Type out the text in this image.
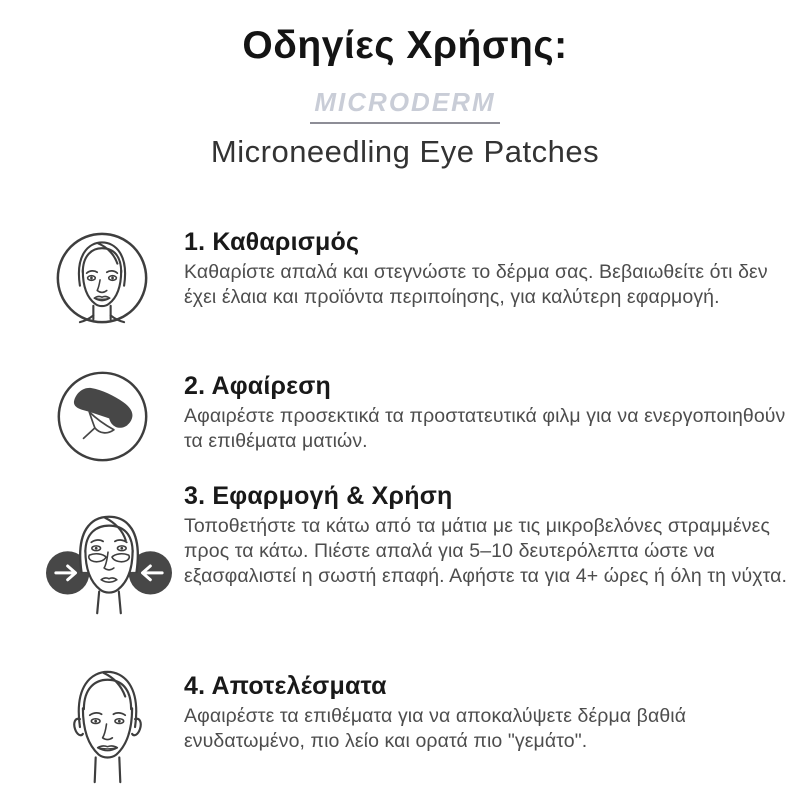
Οδηγίες Χρήσης:
MICRODERM
Microneedling Eye Patches
1. Καθαρισμός
Καθαρίστε απαλά και στεγνώστε το δέρμα σας. Βεβαιωθείτε ότι δεν έχει έλαια και προϊόντα περιποίησης, για καλύτερη εφαρμογή.
2. Αφαίρεση
Αφαιρέστε προσεκτικά τα προστατευτικά φιλμ για να ενεργοποιηθούν τα επιθέματα ματιών.
3. Εφαρμογή & Χρήση
Τοποθετήστε τα κάτω από τα μάτια με τις μικροβελόνες στραμμένες προς τα κάτω. Πιέστε απαλά για 5–10 δευτερόλεπτα ώστε να εξασφαλιστεί η σωστή επαφή. Αφήστε τα για 4+ ώρες ή όλη τη νύχτα.
4. Αποτελέσματα
Αφαιρέστε τα επιθέματα για να αποκαλύψετε δέρμα βαθιά ενυδατωμένο, πιο λείο και ορατά πιο "γεμάτο".
